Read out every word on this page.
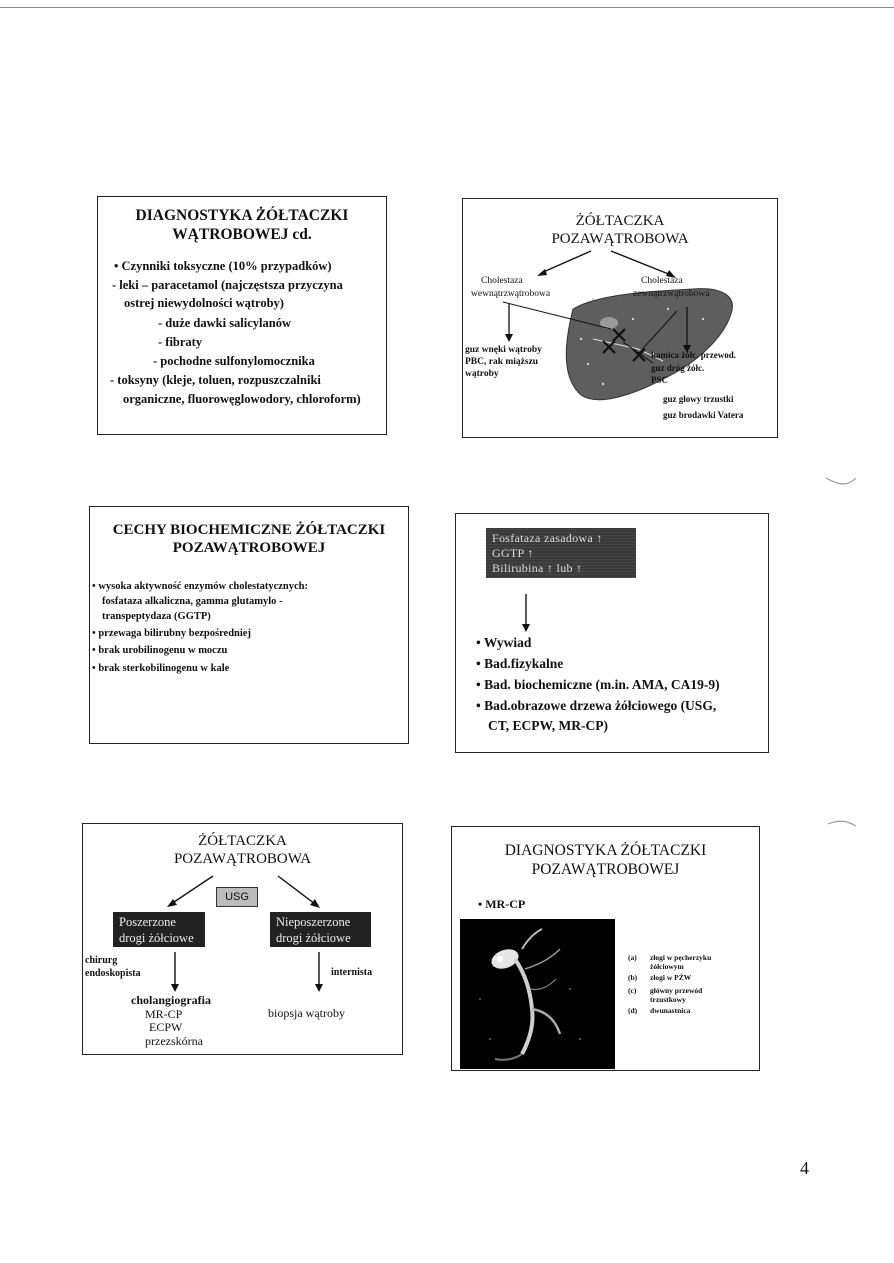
DIAGNOSTYKA ŻÓŁTACZKI
WĄTROBOWEJ cd.
• Czynniki toksyczne (10% przypadków)
- leki – paracetamol (najczęstsza przyczyna
ostrej niewydolności wątroby)
- duże dawki salicylanów
- fibraty
- pochodne sulfonylomocznika
- toksyny (kleje, toluen, rozpuszczalniki
organiczne, fluorowęglowodory, chloroform)
ŻÓŁTACZKA
POZAWĄTROBOWA
Cholestaza
wewnątrzwątrobowa
Cholestaza
zewnątrzwątrobowa
guz wnęki wątroby
PBC, rak miąższu
wątroby
kamica żółc. przewod.
guz dróg żółc.
PSC
guz głowy trzustki
guz brodawki Vatera
CECHY BIOCHEMICZNE ŻÓŁTACZKI
POZAWĄTROBOWEJ
• wysoka aktywność enzymów cholestatycznych:
fosfataza alkaliczna, gamma glutamylo -
transpeptydaza (GGTP)
• przewaga bilirubny bezpośredniej
• brak urobilinogenu w moczu
• brak sterkobilinogenu w kale
Fosfataza zasadowa ↑
GGTP ↑
Bilirubina ↑ lub ↑
• Wywiad
• Bad.fizykalne
• Bad. biochemiczne (m.in. AMA, CA19-9)
• Bad.obrazowe drzewa żółciowego (USG,
CT, ECPW, MR-CP)
ŻÓŁTACZKA
POZAWĄTROBOWA
USG
Poszerzone
drogi żółciowe
Nieposzerzone
drogi żółciowe
chirurg
endoskopista	internista
cholangiografia
MR-CP
ECPW
przezskórna
biopsja wątroby
DIAGNOSTYKA ŻÓŁTACZKI
POZAWĄTROBOWEJ
• MR-CP
(a) złogi w pęcherzyku
żółciowym
(b) złogi w PŻW
(c) główny przewód
trzustkowy
(d) dwunastnica
4
